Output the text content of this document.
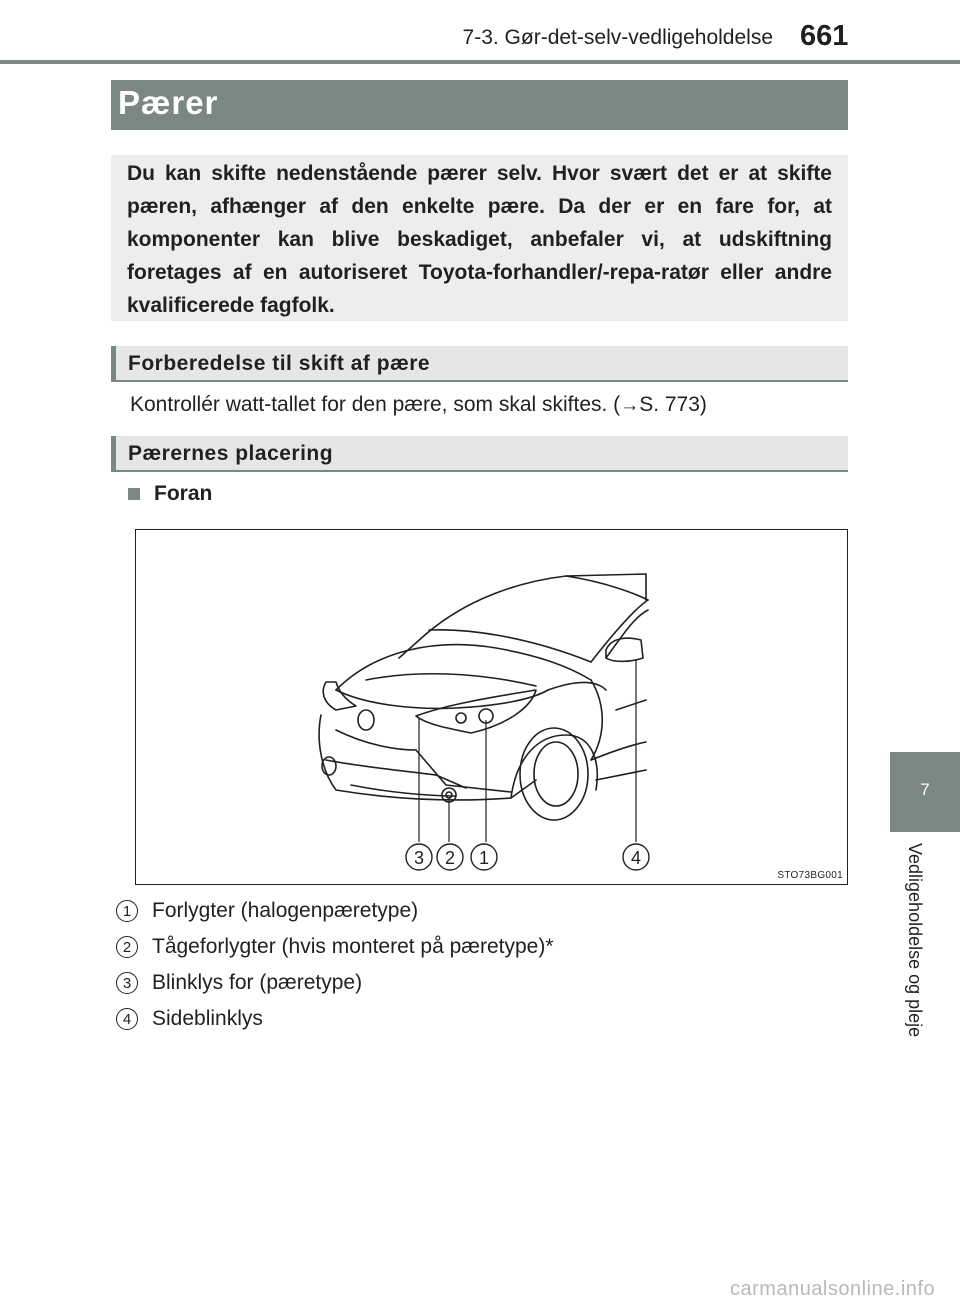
7-3. Gør-det-selv-vedligeholdelse 661
Pærer

Du kan skifte nedenstående pærer selv. Hvor svært det er at skifte pæren, afhænger af den enkelte pære. Da der er en fare for, at komponenter kan blive beskadiget, anbefaler vi, at udskiftning foretages af en autoriseret Toyota-forhandler/-repa-ratør eller andre kvalificerede fagfolk.

Forberedelse til skift af pære
Kontrollér watt-tallet for den pære, som skal skiftes. (→S. 773)
Pærernes placering
Foran
3 2 1	4
STO73BG001
1 Forlygter (halogenpæretype)
2 Tågeforlygter (hvis monteret på pæretype)*
3 Blinklys for (pæretype)
4 Sideblinklys
7
Vedligeholdelse og pleje
carmanualsonline.info
